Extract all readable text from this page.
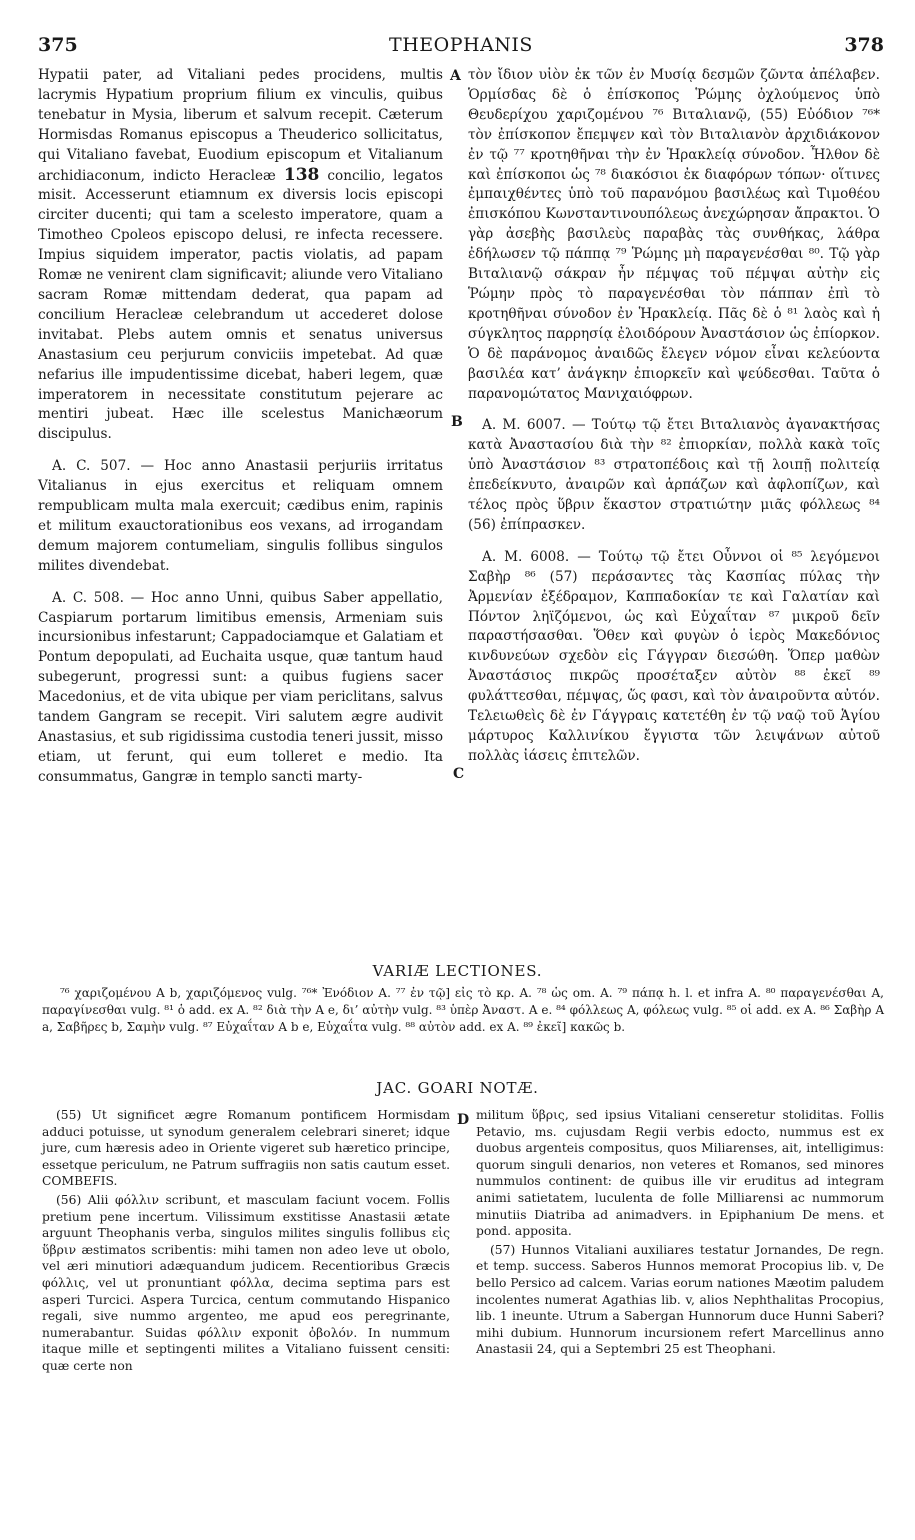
375	THEOPHANIS	378

Hypatii pater, ad Vitaliani pedes procidens, multis lacrymis Hypatium proprium filium ex vinculis, quibus tenebatur in Mysia, liberum et salvum recepit. Cæterum Hormisdas Romanus episcopus a Theuderico sollicitatus, qui Vitaliano favebat, Euodium episcopum et Vitalianum archidiaconum, indicto Heracleæ 138 concilio, legatos misit. Accesserunt etiamnum ex diversis locis episcopi circiter ducenti; qui tam a scelesto imperatore, quam a Timotheo Cpoleos episcopo delusi, re infecta recessere. Impius siquidem imperator, pactis violatis, ad papam Romæ ne venirent clam significavit; aliunde vero Vitaliano sacram Romæ mittendam dederat, qua papam ad concilium Heracleæ celebrandum ut accederet dolose invitabat. Plebs autem omnis et senatus universus Anastasium ceu perjurum conviciis impetebat. Ad quæ nefarius ille impudentissime dicebat, haberi legem, quæ imperatorem in necessitate constitutum pejerare ac mentiri jubeat. Hæc ille scelestus Manichæorum discipulus.

A. C. 507. — Hoc anno Anastasii perjuriis irritatus Vitalianus in ejus exercitus et reliquam omnem rempublicam multa mala exercuit; cædibus enim, rapinis et militum exauctorationibus eos vexans, ad irrogandam demum majorem contumeliam, singulis follibus singulos milites divendebat.

A. C. 508. — Hoc anno Unni, quibus Saber appellatio, Caspiarum portarum limitibus emensis, Armeniam suis incursionibus infestarunt; Cappadociamque et Galatiam et Pontum depopulati, ad Euchaita usque, quæ tantum haud subegerunt, progressi sunt: a quibus fugiens sacer Macedonius, et de vita ubique per viam periclitans, salvus tandem Gangram se recepit. Viri salutem ægre audivit Anastasius, et sub rigidissima custodia teneri jussit, misso etiam, ut ferunt, qui eum tolleret e medio. Ita consummatus, Gangræ in templo sancti marty-

τὸν ἴδιον υἱὸν ἐκ τῶν ἐν Μυσίᾳ δεσμῶν ζῶντα ἀπέλαβεν. Ὁρμίσδας δὲ ὁ ἐπίσκοπος Ῥώμης ὀχλούμενος ὑπὸ Θευδερίχου χαριζομένου ⁷⁶ Βιταλιανῷ, (55) Εὐόδιον ⁷⁶* τὸν ἐπίσκοπον ἔπεμψεν καὶ τὸν Βιταλιανὸν ἀρχιδιάκονον ἐν τῷ ⁷⁷ κροτηθῆναι τὴν ἐν Ἡρακλείᾳ σύνοδον. Ἦλθον δὲ καὶ ἐπίσκοποι ὡς ⁷⁸ διακόσιοι ἐκ διαφόρων τόπων· οἵτινες ἐμπαιχθέντες ὑπὸ τοῦ παρανόμου βασιλέως καὶ Τιμοθέου ἐπισκόπου Κωνσταντινουπόλεως ἀνεχώρησαν ἄπρακτοι. Ὁ γὰρ ἀσεβὴς βασιλεὺς παραβὰς τὰς συνθήκας, λάθρα ἐδήλωσεν τῷ πάππᾳ ⁷⁹ Ῥώμης μὴ παραγενέσθαι ⁸⁰. Τῷ γὰρ Βιταλιανῷ σάκραν ἦν πέμψας τοῦ πέμψαι αὐτὴν εἰς Ῥώμην πρὸς τὸ παραγενέσθαι τὸν πάππαν ἐπὶ τὸ κροτηθῆναι σύνοδον ἐν Ἡρακλείᾳ. Πᾶς δὲ ὁ ⁸¹ λαὸς καὶ ἡ σύγκλητος παρρησίᾳ ἐλοιδόρουν Ἀναστάσιον ὡς ἐπίορκον. Ὁ δὲ παράνομος ἀναιδῶς ἔλεγεν νόμον εἶναι κελεύοντα βασιλέα κατ’ ἀνάγκην ἐπιορκεῖν καὶ ψεύδεσθαι. Ταῦτα ὁ παρανομώτατος Μανιχαιόφρων.

A. M. 6007. — Τούτῳ τῷ ἔτει Βιταλιανὸς ἀγανακτήσας κατὰ Ἀναστασίου διὰ τὴν ⁸² ἐπιορκίαν, πολλὰ κακὰ τοῖς ὑπὸ Ἀναστάσιον ⁸³ στρατοπέδοις καὶ τῇ λοιπῇ πολιτείᾳ ἐπεδείκνυτο, ἀναιρῶν καὶ ἁρπάζων καὶ ἀφλοπίζων, καὶ τέλος πρὸς ὕβριν ἕκαστον στρατιώτην μιᾶς φόλλεως ⁸⁴ (56) ἐπίπρασκεν.

A. M. 6008. — Τούτῳ τῷ ἔτει Οὖννοι οἱ ⁸⁵ λεγόμενοι Σαβὴρ ⁸⁶ (57) περάσαντες τὰς Κασπίας πύλας τὴν Ἀρμενίαν ἐξέδραμον, Καππαδοκίαν τε καὶ Γαλατίαν καὶ Πόντον ληϊζόμενοι, ὡς καὶ Εὐχαΐταν ⁸⁷ μικροῦ δεῖν παραστήσασθαι. Ὅθεν καὶ φυγὼν ὁ ἱερὸς Μακεδόνιος κινδυνεύων σχεδὸν εἰς Γάγγραν διεσώθη. Ὅπερ μαθὼν Ἀναστάσιος πικρῶς προσέταξεν αὐτὸν ⁸⁸ ἐκεῖ ⁸⁹ φυλάττεσθαι, πέμψας, ὥς φασι, καὶ τὸν ἀναιροῦντα αὐτόν. Τελειωθεὶς δὲ ἐν Γάγγραις κατετέθη ἐν τῷ ναῷ τοῦ Ἁγίου μάρτυρος Καλλινίκου ἔγγιστα τῶν λειψάνων αὐτοῦ πολλὰς ἰάσεις ἐπιτελῶν.

A
B
C
D
VARIÆ LECTIONES.

⁷⁶ χαριζομένου A b, χαριζόμενος vulg. ⁷⁶* Ἐνόδιον A. ⁷⁷ ἐν τῷ] εἰς τὸ κρ. A. ⁷⁸ ὡς om. A. ⁷⁹ πάπᾳ h. l. et infra A. ⁸⁰ παραγενέσθαι A, παραγίνεσθαι vulg. ⁸¹ ὁ add. ex A. ⁸² διὰ τὴν A e, δι’ αὐτὴν vulg. ⁸³ ὑπὲρ Ἀναστ. A e. ⁸⁴ φόλλεως A, φόλεως vulg. ⁸⁵ οἱ add. ex A. ⁸⁶ Σαβὴρ A a, Σαβῆρες b, Σαμὴν vulg. ⁸⁷ Εὐχαΐταν A b e, Εὐχαΐτα vulg. ⁸⁸ αὐτὸν add. ex A. ⁸⁹ ἐκεῖ] κακῶς b.

JAC. GOARI NOTÆ.

(55) Ut significet ægre Romanum pontificem Hormisdam adduci potuisse, ut synodum generalem celebrari sineret; idque jure, cum hæresis adeo in Oriente vigeret sub hæretico principe, essetque periculum, ne Patrum suffragiis non satis cautum esset. COMBEFIS.

(56) Alii φόλλιν scribunt, et masculam faciunt vocem. Follis pretium pene incertum. Vilissimum exstitisse Anastasii ætate arguunt Theophanis verba, singulos milites singulis follibus εἰς ὕβριν æstimatos scribentis: mihi tamen non adeo leve ut obolo, vel æri minutiori adæquandum judicem. Recentioribus Græcis φόλλις, vel ut pronuntiant φόλλα, decima septima pars est asperi Turcici. Aspera Turcica, centum commutando Hispanico regali, sive nummo argenteo, me apud eos peregrinante, numerabantur. Suidas φόλλιν exponit ὀβολόν. In nummum itaque mille et septingenti milites a Vitaliano fuissent censiti: quæ certe non

militum ὕβρις, sed ipsius Vitaliani censeretur stoliditas. Follis Petavio, ms. cujusdam Regii verbis edocto, nummus est ex duobus argenteis compositus, quos Miliarenses, ait, intelligimus: quorum singuli denarios, non veteres et Romanos, sed minores nummulos continent: de quibus ille vir eruditus ad integram animi satietatem, luculenta de folle Milliarensi ac nummorum minutiis Diatriba ad animadvers. in Epiphanium De mens. et pond. apposita.

(57) Hunnos Vitaliani auxiliares testatur Jornandes, De regn. et temp. success. Saberos Hunnos memorat Procopius lib. v, De bello Persico ad calcem. Varias eorum nationes Mæotim paludem incolentes numerat Agathias lib. v, alios Nephthalitas Procopius, lib. 1 ineunte. Utrum a Sabergan Hunnorum duce Hunni Saberi? mihi dubium. Hunnorum incursionem refert Marcellinus anno Anastasii 24, qui a Septembri 25 est Theophani.
